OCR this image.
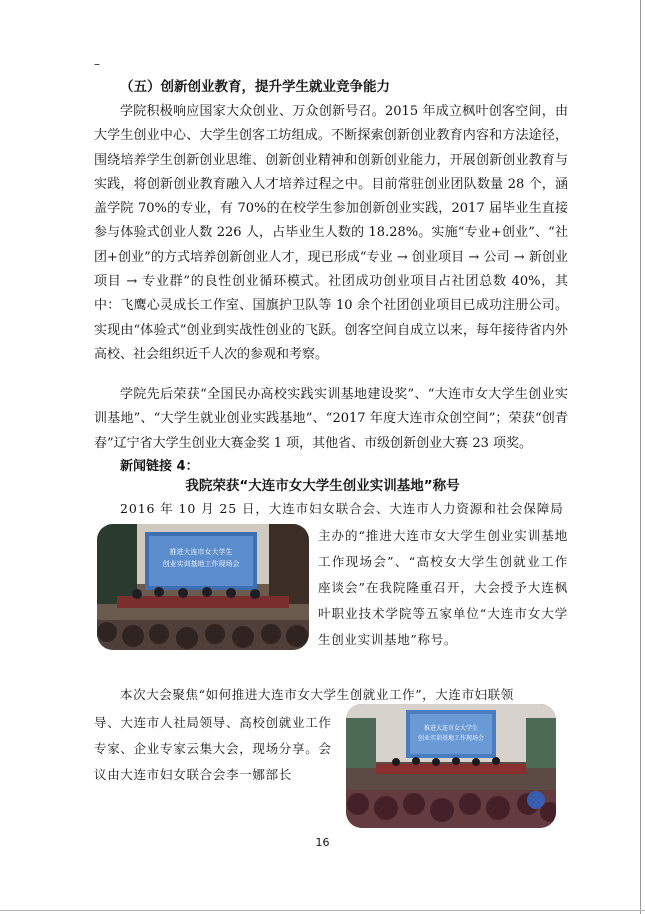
–
（五）创新创业教育，提升学生就业竞争能力

学院积极响应国家大众创业、万众创新号召。2015 年成立枫叶创客空间，由大学生创业中心、大学生创客工坊组成。不断探索创新创业教育内容和方法途径，围绕培养学生创新创业思维、创新创业精神和创新创业能力，开展创新创业教育与实践，将创新创业教育融入人才培养过程之中。目前常驻创业团队数量 28 个，涵盖学院 70%的专业，有 70%的在校学生参加创新创业实践，2017 届毕业生直接参与体验式创业人数 226 人，占毕业生人数的 18.28%。实施“专业+创业”、“社团+创业”的方式培养创新创业人才，现已形成“专业 → 创业项目 → 公司 → 新创业项目 → 专业群”的良性创业循环模式。社团成功创业项目占社团总数 40%，其中：飞鹰心灵成长工作室、国旗护卫队等 10 余个社团创业项目已成功注册公司。实现由“体验式”创业到实战性创业的飞跃。创客空间自成立以来，每年接待省内外高校、社会组织近千人次的参观和考察。

学院先后荣获“全国民办高校实践实训基地建设奖”、“大连市女大学生创业实训基地”、“大学生就业创业实践基地”、“2017 年度大连市众创空间”；荣获“创青春”辽宁省大学生创业大赛金奖 1 项，其他省、市级创新创业大赛 23 项奖。

新闻链接 4：
我院荣获“大连市女大学生创业实训基地”称号

2016 年 10 月 25 日，大连市妇女联合会、大连市人力资源和社会保障局

推进大连市女大学生
创业实训基地工作现场会

主办的“推进大连市女大学生创业实训基地工作现场会”、“高校女大学生创就业工作座谈会”在我院隆重召开，大会授予大连枫叶职业技术学院等五家单位“大连市女大学生创业实训基地”称号。

本次大会聚焦“如何推进大连市女大学生创就业工作”，大连市妇联领

导、大连市人社局领导、高校创就业工作专家、企业专家云集大会，现场分享。会议由大连市妇女联合会李一娜部长

推进大连市女大学生
创业实训基地工作现场会
16
